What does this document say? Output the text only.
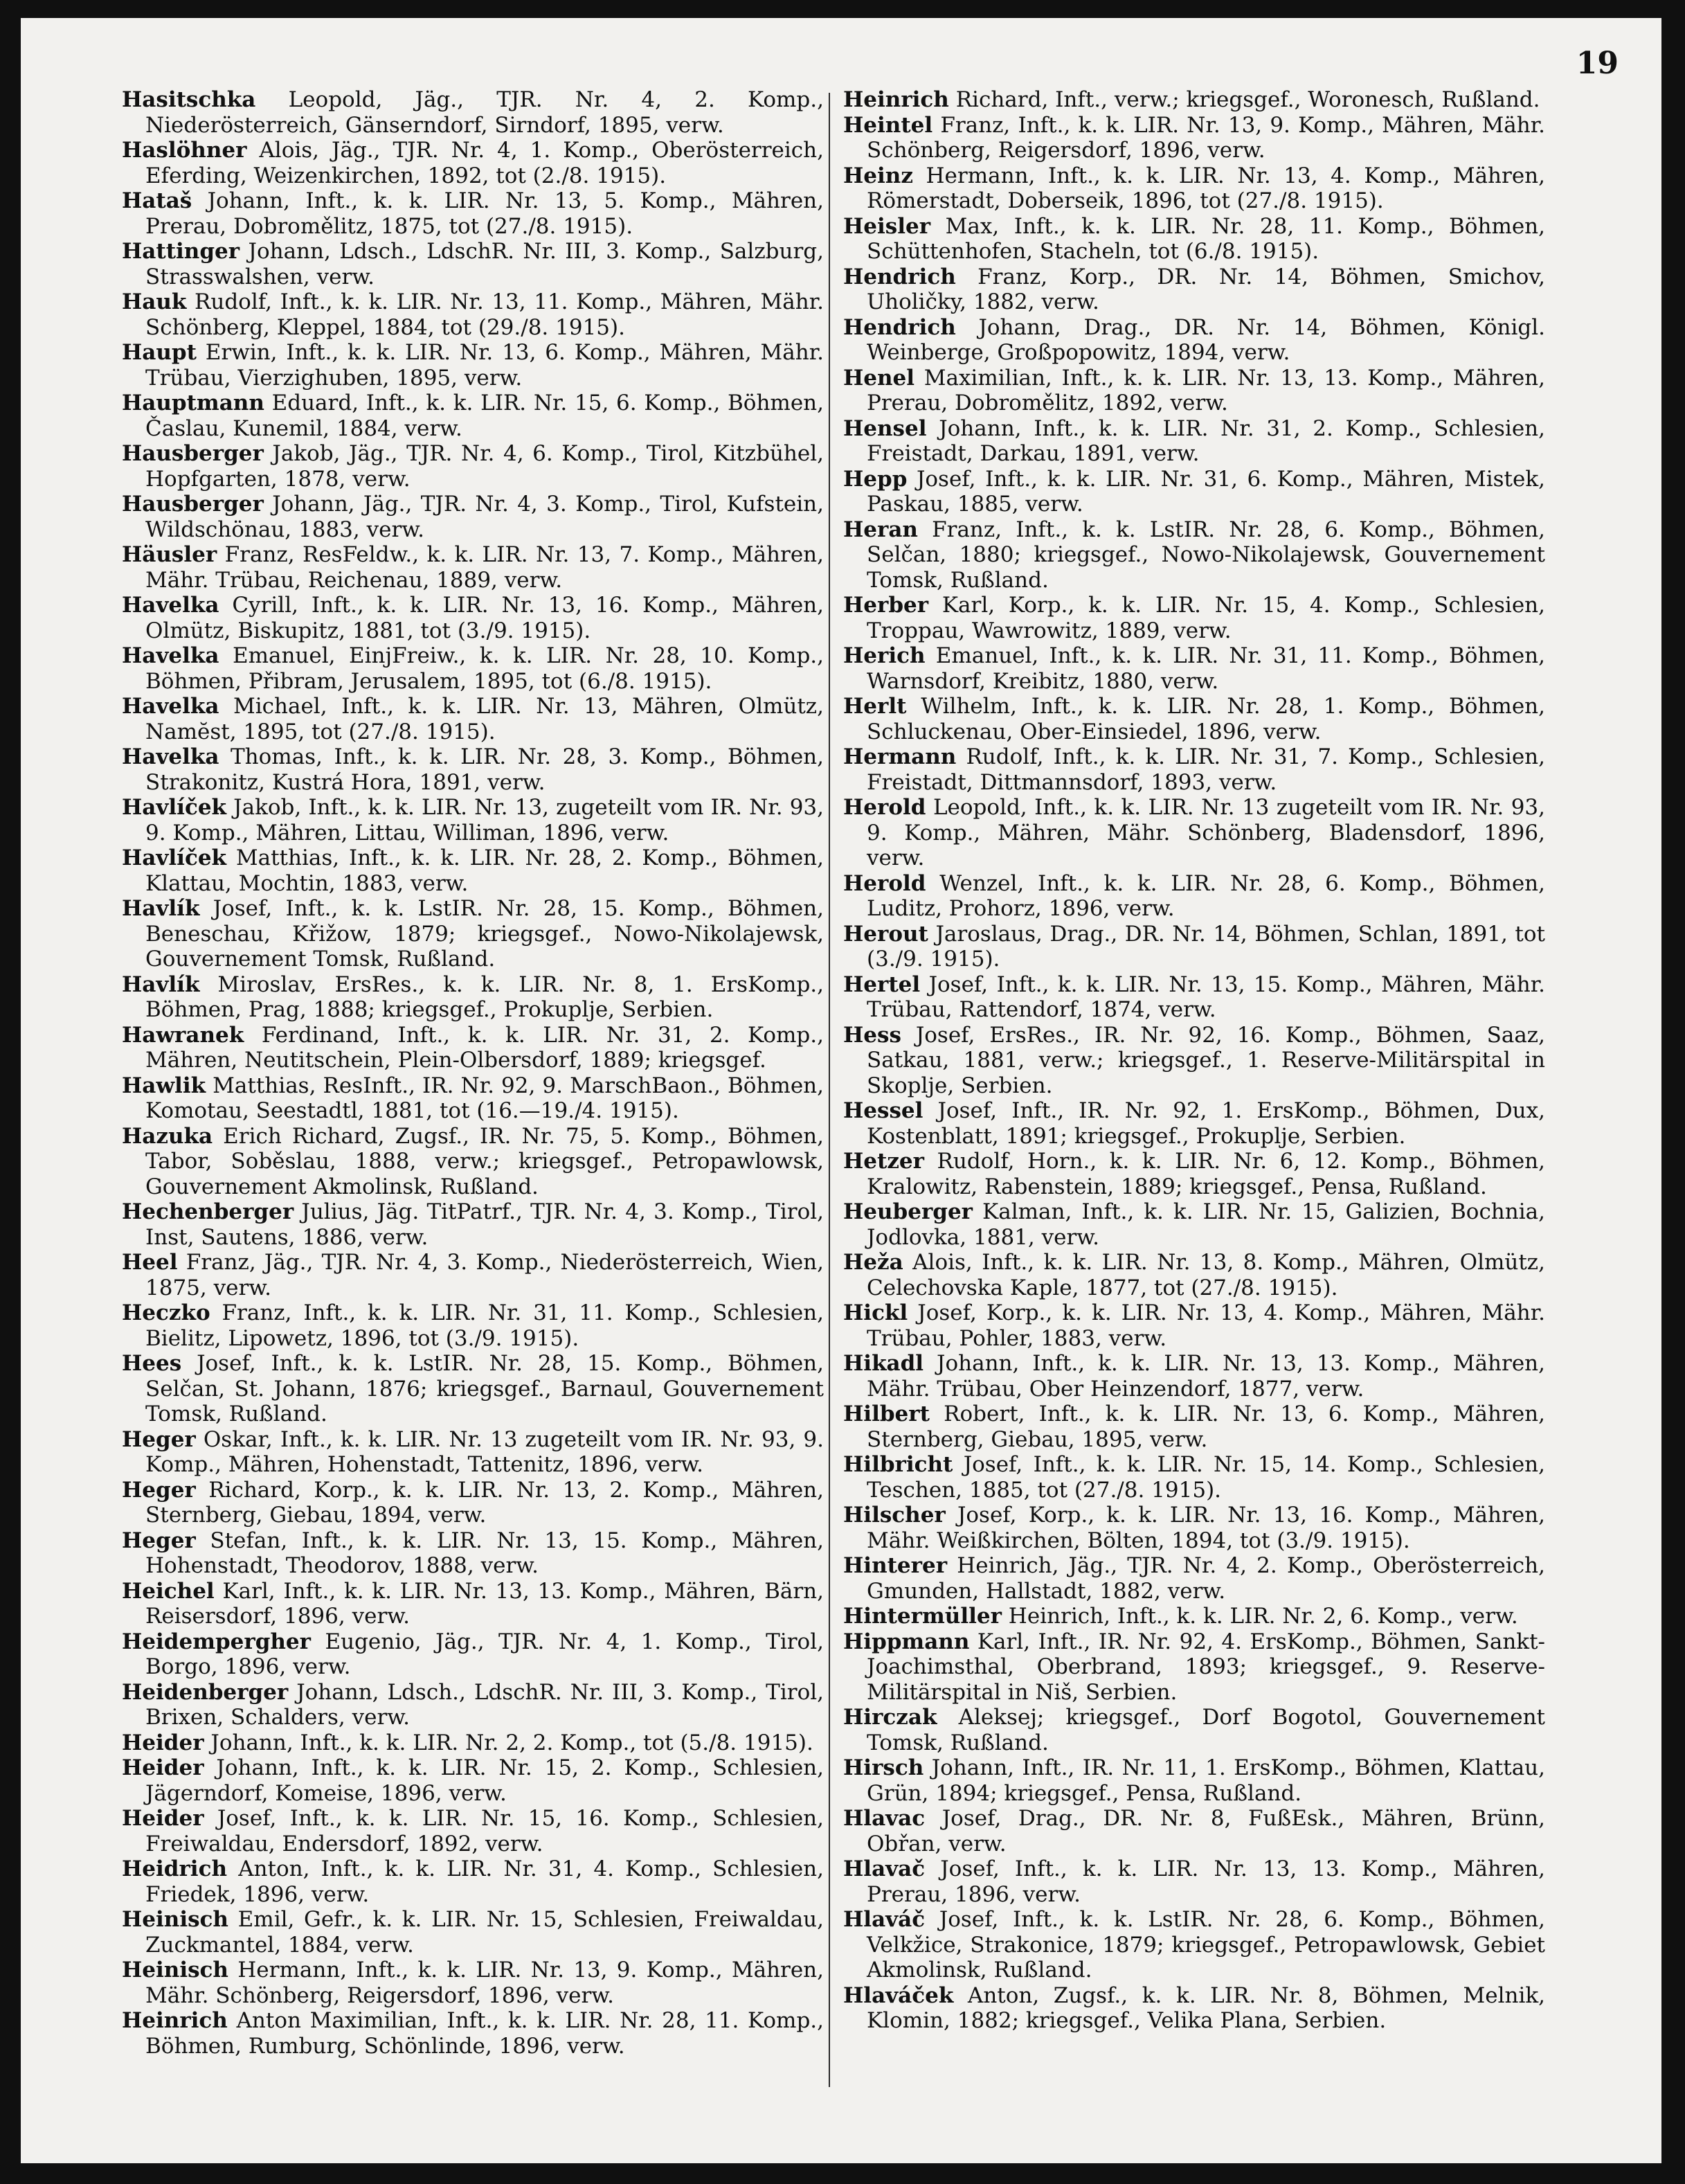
19

Hasitschka Leopold, Jäg., TJR. Nr. 4, 2. Komp., Niederösterreich, Gänserndorf, Sirndorf, 1895, verw.

Haslöhner Alois, Jäg., TJR. Nr. 4, 1. Komp., Oberösterreich, Eferding, Weizenkirchen, 1892, tot (2./8. 1915).

Hataš Johann, Inft., k. k. LIR. Nr. 13, 5. Komp., Mähren, Prerau, Dobromělitz, 1875, tot (27./8. 1915).

Hattinger Johann, Ldsch., LdschR. Nr. III, 3. Komp., Salzburg, Strasswalshen, verw.

Hauk Rudolf, Inft., k. k. LIR. Nr. 13, 11. Komp., Mähren, Mähr. Schönberg, Kleppel, 1884, tot (29./8. 1915).

Haupt Erwin, Inft., k. k. LIR. Nr. 13, 6. Komp., Mähren, Mähr. Trübau, Vierzighuben, 1895, verw.

Hauptmann Eduard, Inft., k. k. LIR. Nr. 15, 6. Komp., Böhmen, Časlau, Kunemil, 1884, verw.

Hausberger Jakob, Jäg., TJR. Nr. 4, 6. Komp., Tirol, Kitzbühel, Hopfgarten, 1878, verw.

Hausberger Johann, Jäg., TJR. Nr. 4, 3. Komp., Tirol, Kufstein, Wildschönau, 1883, verw.

Häusler Franz, ResFeldw., k. k. LIR. Nr. 13, 7. Komp., Mähren, Mähr. Trübau, Reichenau, 1889, verw.

Havelka Cyrill, Inft., k. k. LIR. Nr. 13, 16. Komp., Mähren, Olmütz, Biskupitz, 1881, tot (3./9. 1915).

Havelka Emanuel, EinjFreiw., k. k. LIR. Nr. 28, 10. Komp., Böhmen, Přibram, Jerusalem, 1895, tot (6./8. 1915).

Havelka Michael, Inft., k. k. LIR. Nr. 13, Mähren, Olmütz, Namĕst, 1895, tot (27./8. 1915).

Havelka Thomas, Inft., k. k. LIR. Nr. 28, 3. Komp., Böhmen, Strakonitz, Kustrá Hora, 1891, verw.

Havlíček Jakob, Inft., k. k. LIR. Nr. 13, zugeteilt vom IR. Nr. 93, 9. Komp., Mähren, Littau, Williman, 1896, verw.

Havlíček Matthias, Inft., k. k. LIR. Nr. 28, 2. Komp., Böhmen, Klattau, Mochtin, 1883, verw.

Havlík Josef, Inft., k. k. LstIR. Nr. 28, 15. Komp., Böhmen, Beneschau, Křižow, 1879; kriegsgef., Nowo-Nikolajewsk, Gouvernement Tomsk, Rußland.

Havlík Miroslav, ErsRes., k. k. LIR. Nr. 8, 1. ErsKomp., Böhmen, Prag, 1888; kriegsgef., Prokuplje, Serbien.

Hawranek Ferdinand, Inft., k. k. LIR. Nr. 31, 2. Komp., Mähren, Neutitschein, Plein-Olbersdorf, 1889; kriegsgef.

Hawlik Matthias, ResInft., IR. Nr. 92, 9. MarschBaon., Böhmen, Komotau, Seestadtl, 1881, tot (16.—19./4. 1915).

Hazuka Erich Richard, Zugsf., IR. Nr. 75, 5. Komp., Böhmen, Tabor, Soběslau, 1888, verw.; kriegsgef., Petropawlowsk, Gouvernement Akmolinsk, Rußland.

Hechenberger Julius, Jäg. TitPatrf., TJR. Nr. 4, 3. Komp., Tirol, Inst, Sautens, 1886, verw.

Heel Franz, Jäg., TJR. Nr. 4, 3. Komp., Niederösterreich, Wien, 1875, verw.

Heczko Franz, Inft., k. k. LIR. Nr. 31, 11. Komp., Schlesien, Bielitz, Lipowetz, 1896, tot (3./9. 1915).

Hees Josef, Inft., k. k. LstIR. Nr. 28, 15. Komp., Böhmen, Selčan, St. Johann, 1876; kriegsgef., Barnaul, Gouvernement Tomsk, Rußland.

Heger Oskar, Inft., k. k. LIR. Nr. 13 zugeteilt vom IR. Nr. 93, 9. Komp., Mähren, Hohenstadt, Tattenitz, 1896, verw.

Heger Richard, Korp., k. k. LIR. Nr. 13, 2. Komp., Mähren, Sternberg, Giebau, 1894, verw.

Heger Stefan, Inft., k. k. LIR. Nr. 13, 15. Komp., Mähren, Hohenstadt, Theodorov, 1888, verw.

Heichel Karl, Inft., k. k. LIR. Nr. 13, 13. Komp., Mähren, Bärn, Reisersdorf, 1896, verw.

Heidempergher Eugenio, Jäg., TJR. Nr. 4, 1. Komp., Tirol, Borgo, 1896, verw.

Heidenberger Johann, Ldsch., LdschR. Nr. III, 3. Komp., Tirol, Brixen, Schalders, verw.

Heider Johann, Inft., k. k. LIR. Nr. 2, 2. Komp., tot (5./8. 1915).

Heider Johann, Inft., k. k. LIR. Nr. 15, 2. Komp., Schlesien, Jägerndorf, Komeise, 1896, verw.

Heider Josef, Inft., k. k. LIR. Nr. 15, 16. Komp., Schlesien, Freiwaldau, Endersdorf, 1892, verw.

Heidrich Anton, Inft., k. k. LIR. Nr. 31, 4. Komp., Schlesien, Friedek, 1896, verw.

Heinisch Emil, Gefr., k. k. LIR. Nr. 15, Schlesien, Freiwaldau, Zuckmantel, 1884, verw.

Heinisch Hermann, Inft., k. k. LIR. Nr. 13, 9. Komp., Mähren, Mähr. Schönberg, Reigersdorf, 1896, verw.

Heinrich Anton Maximilian, Inft., k. k. LIR. Nr. 28, 11. Komp., Böhmen, Rumburg, Schönlinde, 1896, verw.

Heinrich Richard, Inft., verw.; kriegsgef., Woronesch, Rußland.

Heintel Franz, Inft., k. k. LIR. Nr. 13, 9. Komp., Mähren, Mähr. Schönberg, Reigersdorf, 1896, verw.

Heinz Hermann, Inft., k. k. LIR. Nr. 13, 4. Komp., Mähren, Römerstadt, Doberseik, 1896, tot (27./8. 1915).

Heisler Max, Inft., k. k. LIR. Nr. 28, 11. Komp., Böhmen, Schüttenhofen, Stacheln, tot (6./8. 1915).

Hendrich Franz, Korp., DR. Nr. 14, Böhmen, Smichov, Uholičky, 1882, verw.

Hendrich Johann, Drag., DR. Nr. 14, Böhmen, Königl. Weinberge, Großpopowitz, 1894, verw.

Henel Maximilian, Inft., k. k. LIR. Nr. 13, 13. Komp., Mähren, Prerau, Dobromělitz, 1892, verw.

Hensel Johann, Inft., k. k. LIR. Nr. 31, 2. Komp., Schlesien, Freistadt, Darkau, 1891, verw.

Hepp Josef, Inft., k. k. LIR. Nr. 31, 6. Komp., Mähren, Mistek, Paskau, 1885, verw.

Heran Franz, Inft., k. k. LstIR. Nr. 28, 6. Komp., Böhmen, Selčan, 1880; kriegsgef., Nowo-Nikolajewsk, Gouvernement Tomsk, Rußland.

Herber Karl, Korp., k. k. LIR. Nr. 15, 4. Komp., Schlesien, Troppau, Wawrowitz, 1889, verw.

Herich Emanuel, Inft., k. k. LIR. Nr. 31, 11. Komp., Böhmen, Warnsdorf, Kreibitz, 1880, verw.

Herlt Wilhelm, Inft., k. k. LIR. Nr. 28, 1. Komp., Böhmen, Schluckenau, Ober-Einsiedel, 1896, verw.

Hermann Rudolf, Inft., k. k. LIR. Nr. 31, 7. Komp., Schlesien, Freistadt, Dittmannsdorf, 1893, verw.

Herold Leopold, Inft., k. k. LIR. Nr. 13 zugeteilt vom IR. Nr. 93, 9. Komp., Mähren, Mähr. Schönberg, Bladensdorf, 1896, verw.

Herold Wenzel, Inft., k. k. LIR. Nr. 28, 6. Komp., Böhmen, Luditz, Prohorz, 1896, verw.

Herout Jaroslaus, Drag., DR. Nr. 14, Böhmen, Schlan, 1891, tot (3./9. 1915).

Hertel Josef, Inft., k. k. LIR. Nr. 13, 15. Komp., Mähren, Mähr. Trübau, Rattendorf, 1874, verw.

Hess Josef, ErsRes., IR. Nr. 92, 16. Komp., Böhmen, Saaz, Satkau, 1881, verw.; kriegsgef., 1. Reserve-Militärspital in Skoplje, Serbien.

Hessel Josef, Inft., IR. Nr. 92, 1. ErsKomp., Böhmen, Dux, Kostenblatt, 1891; kriegsgef., Prokuplje, Serbien.

Hetzer Rudolf, Horn., k. k. LIR. Nr. 6, 12. Komp., Böhmen, Kralowitz, Rabenstein, 1889; kriegsgef., Pensa, Rußland.

Heuberger Kalman, Inft., k. k. LIR. Nr. 15, Galizien, Bochnia, Jodlovka, 1881, verw.

Heža Alois, Inft., k. k. LIR. Nr. 13, 8. Komp., Mähren, Olmütz, Celechovska Kaple, 1877, tot (27./8. 1915).

Hickl Josef, Korp., k. k. LIR. Nr. 13, 4. Komp., Mähren, Mähr. Trübau, Pohler, 1883, verw.

Hikadl Johann, Inft., k. k. LIR. Nr. 13, 13. Komp., Mähren, Mähr. Trübau, Ober Heinzendorf, 1877, verw.

Hilbert Robert, Inft., k. k. LIR. Nr. 13, 6. Komp., Mähren, Sternberg, Giebau, 1895, verw.

Hilbricht Josef, Inft., k. k. LIR. Nr. 15, 14. Komp., Schlesien, Teschen, 1885, tot (27./8. 1915).

Hilscher Josef, Korp., k. k. LIR. Nr. 13, 16. Komp., Mähren, Mähr. Weißkirchen, Bölten, 1894, tot (3./9. 1915).

Hinterer Heinrich, Jäg., TJR. Nr. 4, 2. Komp., Oberösterreich, Gmunden, Hallstadt, 1882, verw.

Hintermüller Heinrich, Inft., k. k. LIR. Nr. 2, 6. Komp., verw.

Hippmann Karl, Inft., IR. Nr. 92, 4. ErsKomp., Böhmen, Sankt-Joachimsthal, Oberbrand, 1893; kriegsgef., 9. Reserve-Militärspital in Niš, Serbien.

Hirczak Aleksej; kriegsgef., Dorf Bogotol, Gouvernement Tomsk, Rußland.

Hirsch Johann, Inft., IR. Nr. 11, 1. ErsKomp., Böhmen, Klattau, Grün, 1894; kriegsgef., Pensa, Rußland.

Hlavac Josef, Drag., DR. Nr. 8, FußEsk., Mähren, Brünn, Obřan, verw.

Hlavač Josef, Inft., k. k. LIR. Nr. 13, 13. Komp., Mähren, Prerau, 1896, verw.

Hlaváč Josef, Inft., k. k. LstIR. Nr. 28, 6. Komp., Böhmen, Velkžice, Strakonice, 1879; kriegsgef., Petropawlowsk, Gebiet Akmolinsk, Rußland.

Hlaváček Anton, Zugsf., k. k. LIR. Nr. 8, Böhmen, Melnik, Klomin, 1882; kriegsgef., Velika Plana, Serbien.
